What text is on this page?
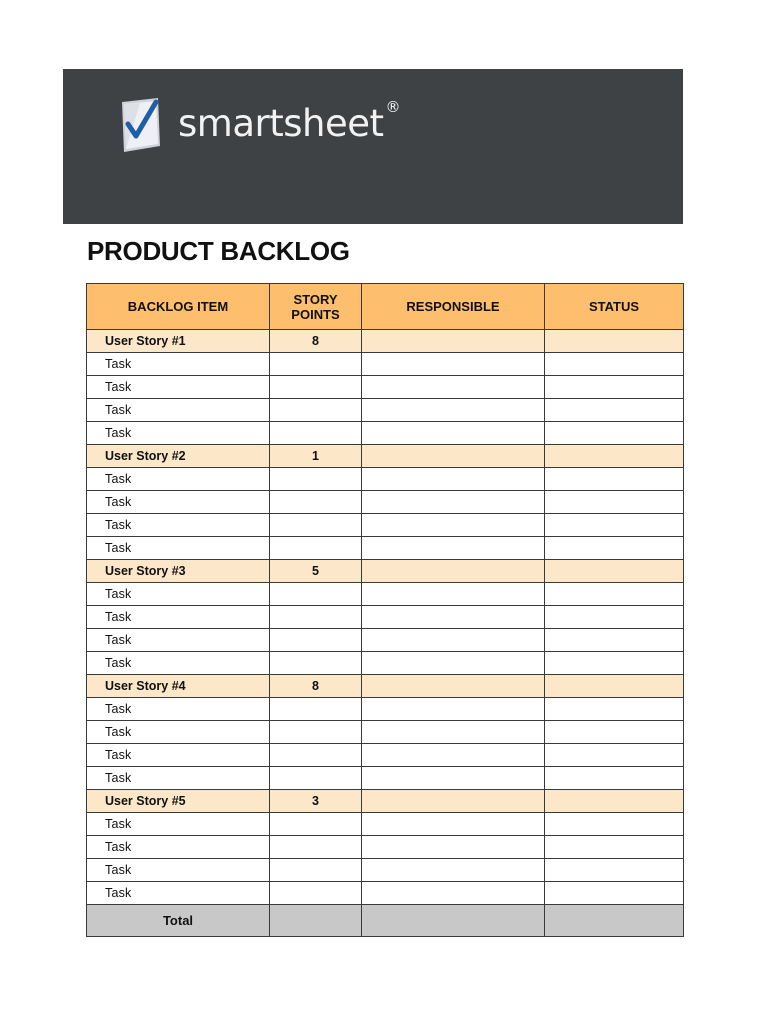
smartsheet ®
PRODUCT BACKLOG
BACKLOG ITEM	STORY POINTS	RESPONSIBLE	STATUS
User Story #1	8		
Task			
Task			
Task			
Task			
User Story #2	1		
Task			
Task			
Task			
Task			
User Story #3	5		
Task			
Task			
Task			
Task			
User Story #4	8		
Task			
Task			
Task			
Task			
User Story #5	3		
Task			
Task			
Task			
Task			
Total			
